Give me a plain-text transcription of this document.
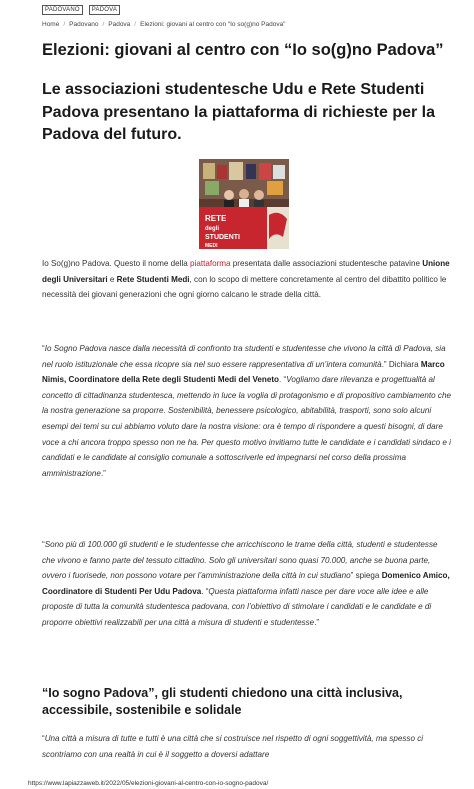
PADOVANO	PADOVA
Home / Padovano / Padova / Elezioni: giovani al centro con “Io so(g)no Padova”
Elezioni: giovani al centro con “Io so(g)no Padova”
Le associazioni studentesche Udu e Rete Studenti Padova presentano la piattaforma di richieste per la Padova del futuro.
RETE
degli
STUDENTI
MEDI

Io So(g)no Padova. Questo il nome della piattaforma presentata dalle associazioni studentesche patavine Unione degli Universitari e Rete Studenti Medi, con lo scopo di mettere concretamente al centro del dibattito politico le necessità dei giovani generazioni che ogni giorno calcano le strade della città.

“Io Sogno Padova nasce dalla necessità di confronto tra studenti e studentesse che vivono la città di Padova, sia nel ruolo istituzionale che essa ricopre sia nel suo essere rappresentativa di un’intera comunità.” Dichiara Marco Nimis, Coordinatore della Rete degli Studenti Medi del Veneto. “Vogliamo dare rilevanza e progettualità al concetto di cittadinanza studentesca, mettendo in luce la voglia di protagonismo e di propositivo cambiamento che la nostra generazione sa proporre. Sostenibilità, benessere psicologico, abitabilità, trasporti, sono solo alcuni esempi dei temi su cui abbiamo voluto dare la nostra visione: ora è tempo di rispondere a questi bisogni, di dare voce a chi ancora troppo spesso non ne ha. Per questo motivo invitiamo tutte le candidate e i candidati sindaco e i candidati e le candidate al consiglio comunale a sottoscriverle ed impegnarsi nel corso della prossima amministrazione.”

“Sono più di 100.000 gli studenti e le studentesse che arricchiscono le trame della città, studenti e studentesse che vivono e fanno parte del tessuto cittadino. Solo gli universitari sono quasi 70.000, anche se buona parte, ovvero i fuorisede, non possono votare per l’amministrazione della città in cui studiano” spiega Domenico Amico, Coordinatore di Studenti Per Udu Padova. “Questa piattaforma infatti nasce per dare voce alle idee e alle proposte di tutta la comunità studentesca padovana, con l’obiettivo di stimolare i candidati e le candidate e di proporre obiettivi realizzabili per una città a misura di studenti e studentesse.”

“Io sogno Padova”, gli studenti chiedono una città inclusiva, accessibile, sostenibile e solidale

“Una città a misura di tutte e tutti è una città che si costruisce nel rispetto di ogni soggettività, ma spesso ci scontriamo con una realtà in cui è il soggetto a doversi adattare

https://www.lapiazzaweb.it/2022/05/elezioni-giovani-al-centro-con-io-sogno-padova/
